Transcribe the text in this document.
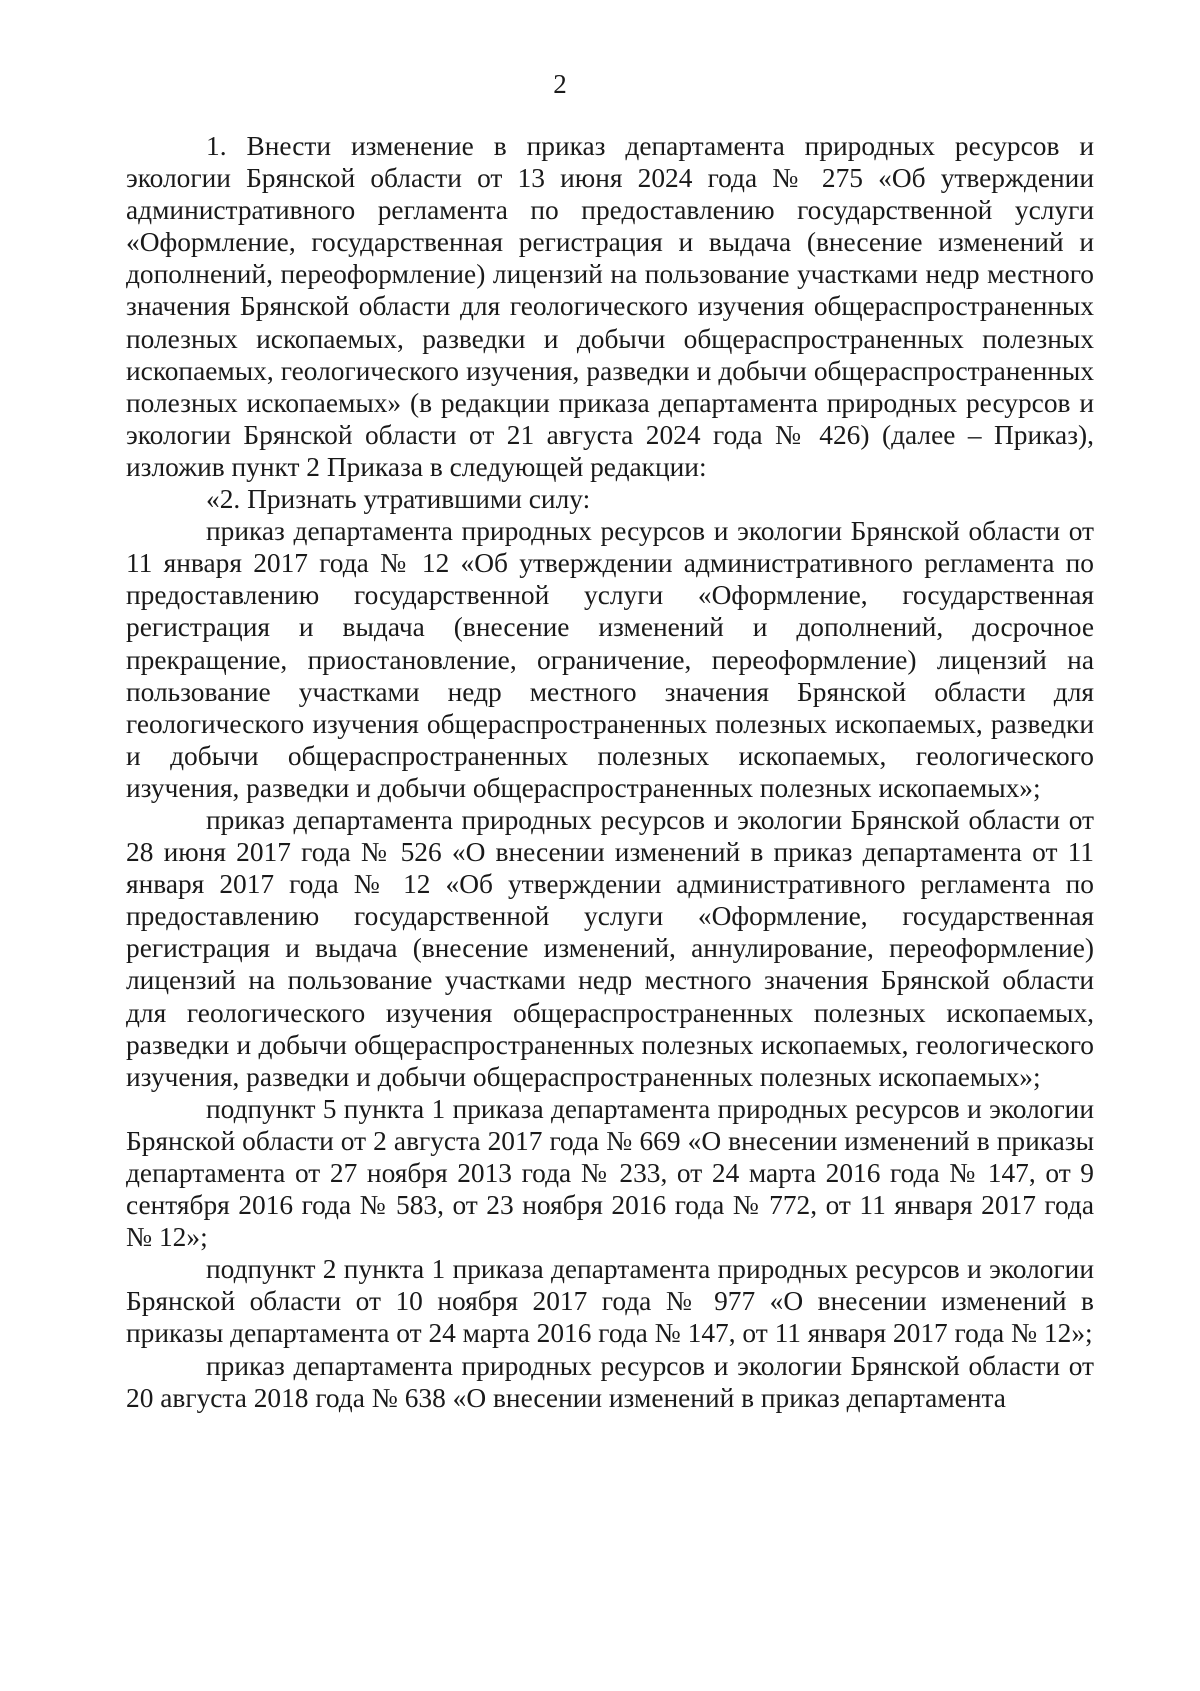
2

1. Внести изменение в приказ департамента природных ресурсов и экологии Брянской области от 13 июня 2024 года № 275 «Об утверждении административного регламента по предоставлению государственной услуги «Оформление, государственная регистрация и выдача (внесение изменений и дополнений, переоформление) лицензий на пользование участками недр местного значения Брянской области для геологического изучения общераспространенных полезных ископаемых, разведки и добычи общераспространенных полезных ископаемых, геологического изучения, разведки и добычи общераспространенных полезных ископаемых» (в редакции приказа департамента природных ресурсов и экологии Брянской области от 21 августа 2024 года № 426) (далее – Приказ), изложив пункт 2 Приказа в следующей редакции:

«2. Признать утратившими силу:

приказ департамента природных ресурсов и экологии Брянской области от 11 января 2017 года № 12 «Об утверждении административного регламента по предоставлению государственной услуги «Оформление, государственная регистрация и выдача (внесение изменений и дополнений, досрочное прекращение, приостановление, ограничение, переоформление) лицензий на пользование участками недр местного значения Брянской области для геологического изучения общераспространенных полезных ископаемых, разведки и добычи общераспространенных полезных ископаемых, геологического изучения, разведки и добычи общераспространенных полезных ископаемых»;

приказ департамента природных ресурсов и экологии Брянской области от 28 июня 2017 года № 526 «О внесении изменений в приказ департамента от 11 января 2017 года № 12 «Об утверждении административного регламента по предоставлению государственной услуги «Оформление, государственная регистрация и выдача (внесение изменений, аннулирование, переоформление) лицензий на пользование участками недр местного значения Брянской области для геологического изучения общераспространенных полезных ископаемых, разведки и добычи общераспространенных полезных ископаемых, геологического изучения, разведки и добычи общераспространенных полезных ископаемых»;

подпункт 5 пункта 1 приказа департамента природных ресурсов и экологии Брянской области от 2 августа 2017 года № 669 «О внесении изменений в приказы департамента от 27 ноября 2013 года № 233, от 24 марта 2016 года № 147, от 9 сентября 2016 года № 583, от 23 ноября 2016 года № 772, от 11 января 2017 года № 12»;

подпункт 2 пункта 1 приказа департамента природных ресурсов и экологии Брянской области от 10 ноября 2017 года № 977 «О внесении изменений в приказы департамента от 24 марта 2016 года № 147, от 11 января 2017 года № 12»;

приказ департамента природных ресурсов и экологии Брянской области от 20 августа 2018 года № 638 «О внесении изменений в приказ департамента
